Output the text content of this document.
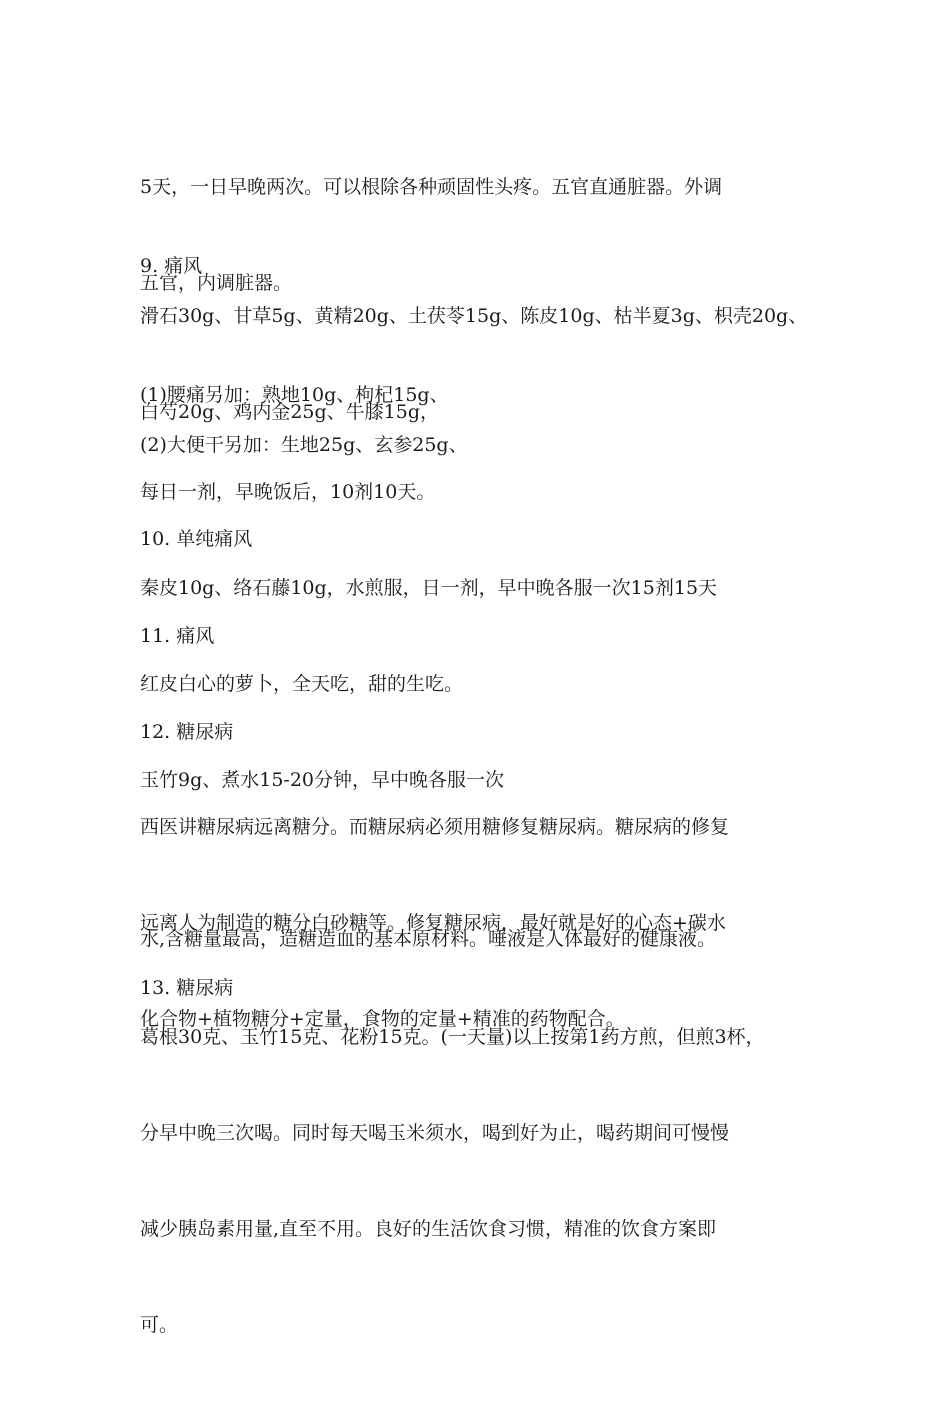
5天，一日早晚两次。可以根除各种顽固性头疼。五官直通脏器。外调

五官，内调脏器。

9. 痛风

滑石30g、甘草5g、黄精20g、土茯苓15g、陈皮10g、枯半夏3g、枳壳20g、

白芍20g、鸡内金25g、牛膝15g，

(1)腰痛另加：熟地10g、枸杞15g、

(2)大便干另加：生地25g、玄参25g、

每日一剂，早晚饭后，10剂10天。

10. 单纯痛风

秦皮10g、络石藤10g，水煎服，日一剂，早中晚各服一次15剂15天

11. 痛风

红皮白心的萝卜，全天吃，甜的生吃。

12. 糖尿病

玉竹9g、煮水15-20分钟，早中晚各服一次

西医讲糖尿病远离糖分。而糖尿病必须用糖修复糖尿病。糖尿病的修复

远离人为制造的糖分白砂糖等。修复糖尿病，最好就是好的心态+碳水

化合物+植物糖分+定量，食物的定量+精准的药物配合。

水,含糖量最高，造糖造血的基本原材料。唾液是人体最好的健康液。

13. 糖尿病

葛根30克、玉竹15克、花粉15克。(一天量)以上按第1药方煎，但煎3杯，

分早中晚三次喝。同时每天喝玉米须水，喝到好为止，喝药期间可慢慢

减少胰岛素用量,直至不用。良好的生活饮食习惯，精准的饮食方案即

可。
